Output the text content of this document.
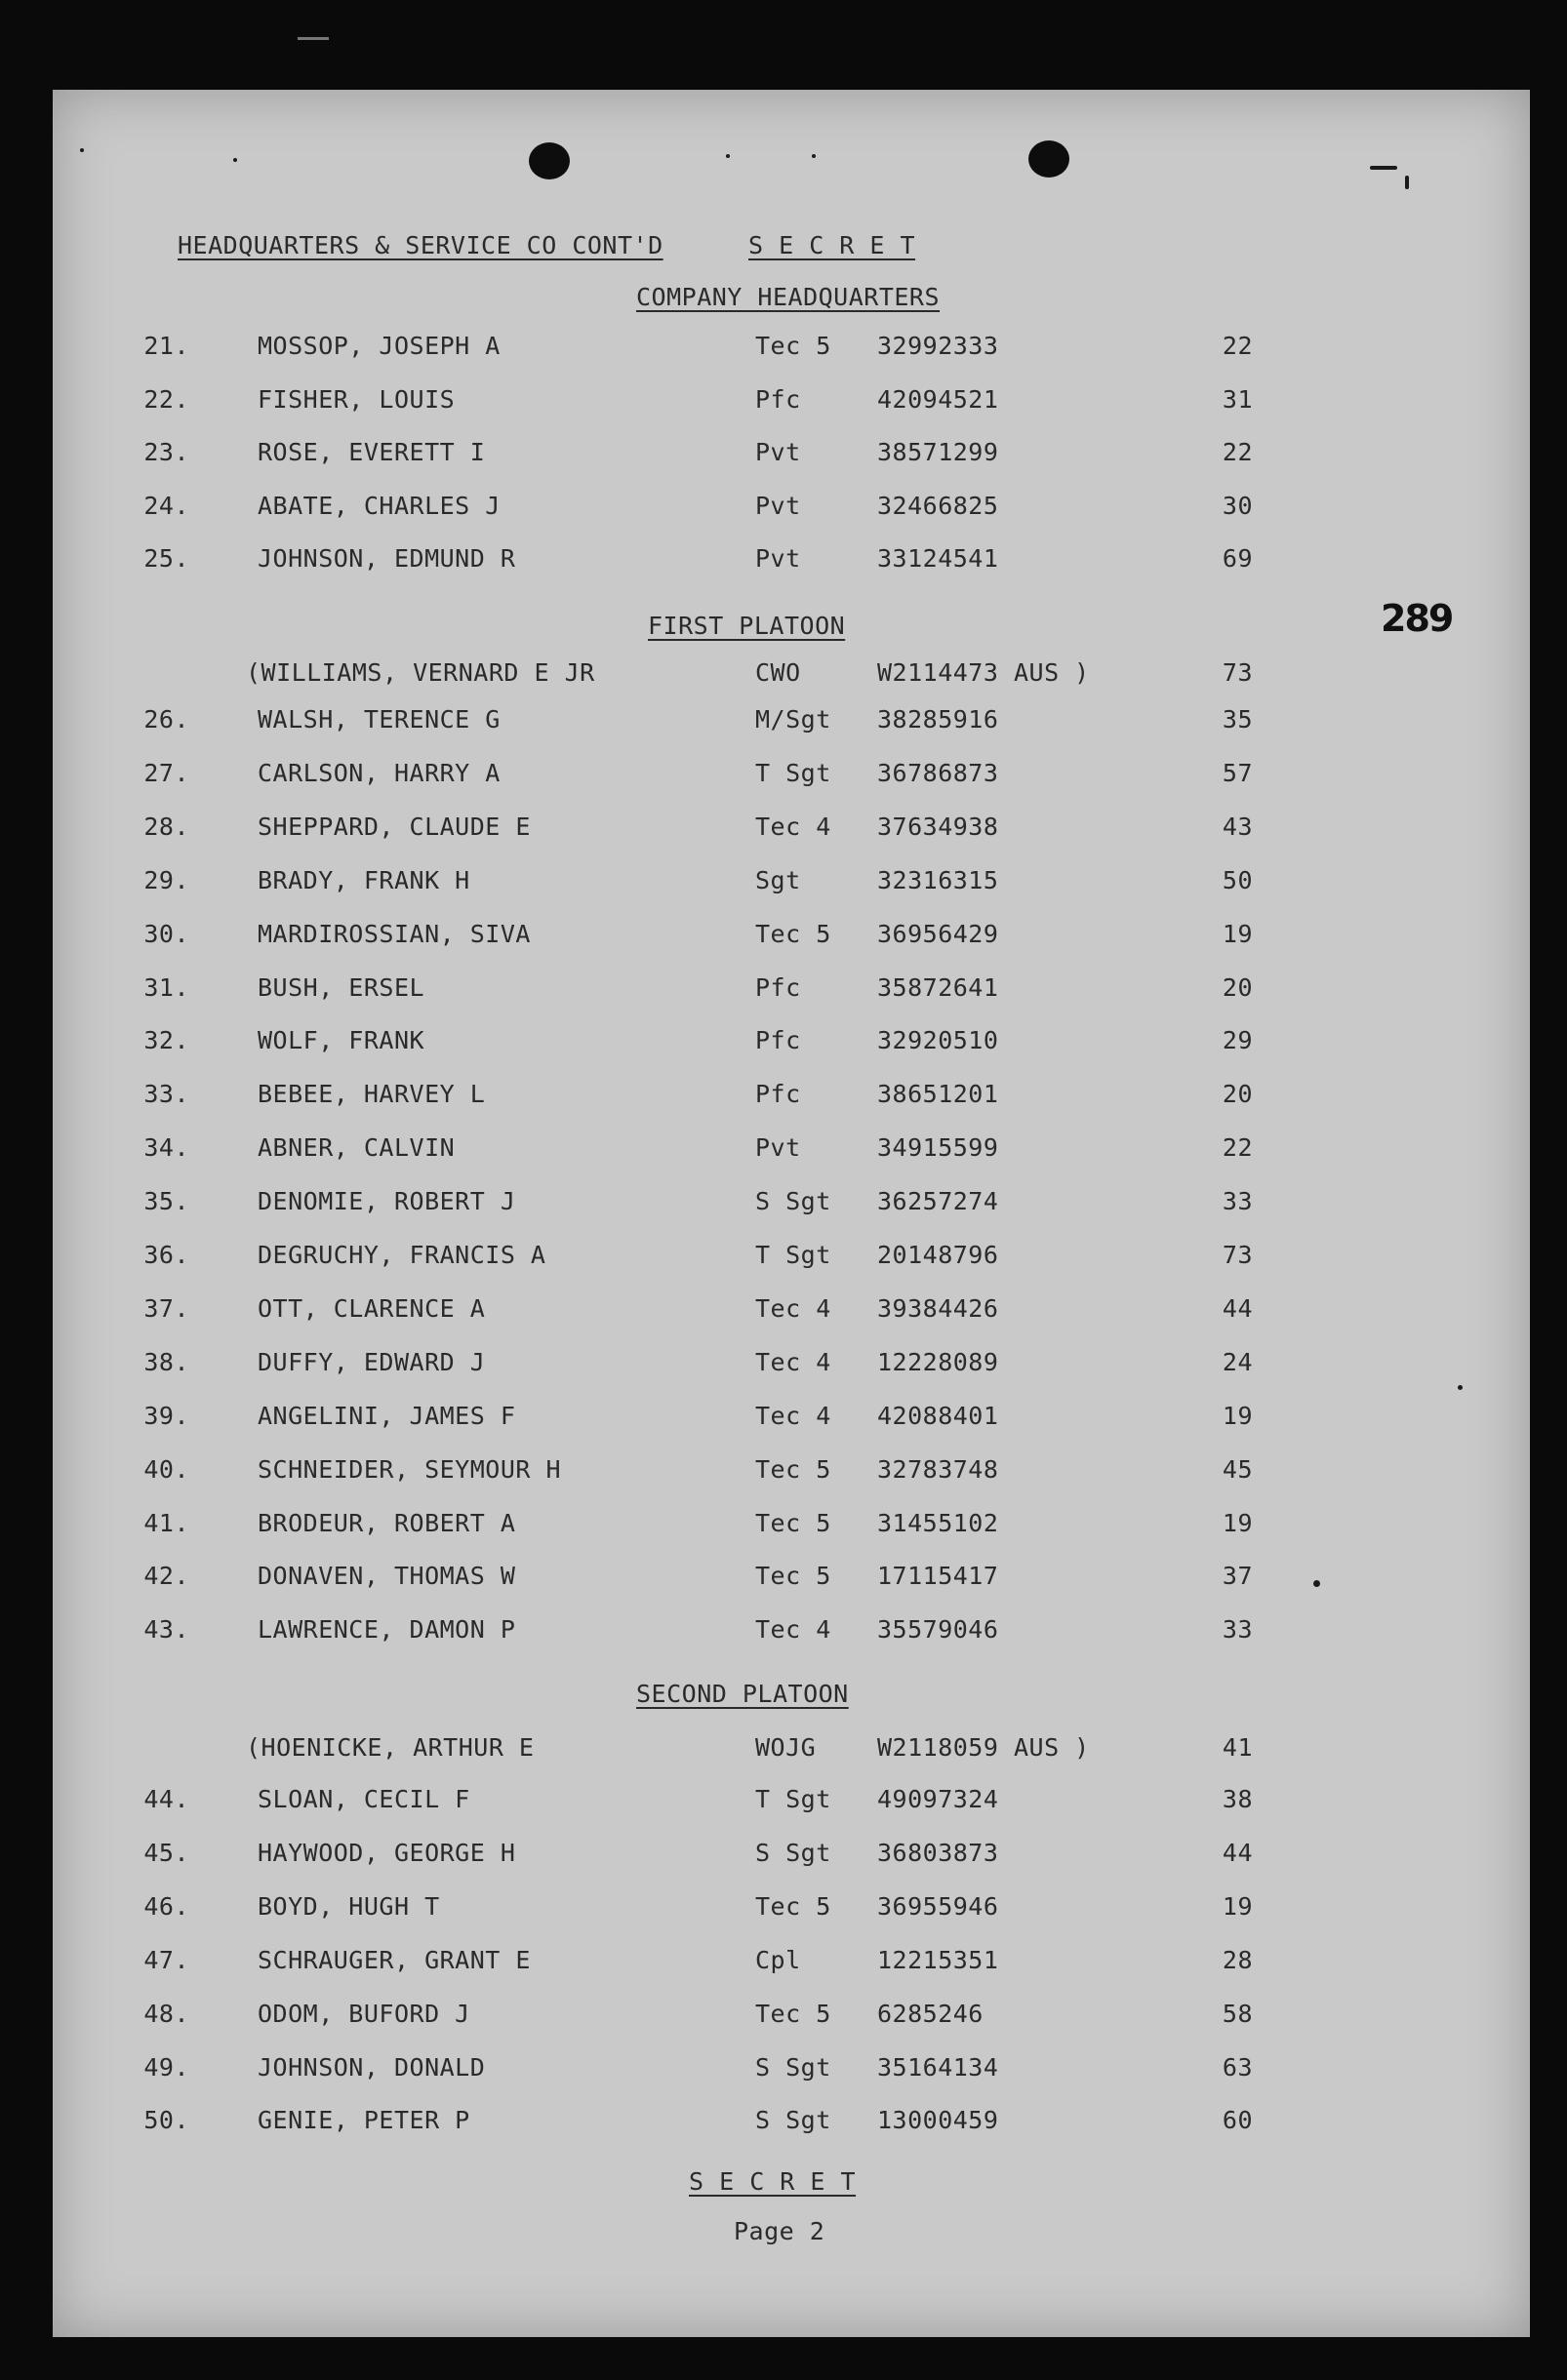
HEADQUARTERS & SERVICE CO CONT'D	S E C R E T
COMPANY HEADQUARTERS
21.	MOSSOP, JOSEPH A	Tec 5 32992333	22
22.	FISHER, LOUIS	Pfc	42094521	31
23.	ROSE, EVERETT I	Pvt	38571299	22
24.	ABATE, CHARLES J	Pvt	32466825	30
25.	JOHNSON, EDMUND R	Pvt	33124541	69
FIRST PLATOON
(WILLIAMS, VERNARD E JR	CWO	W2114473 AUS )	73
26.	WALSH, TERENCE G	M/Sgt 38285916	35
27.	CARLSON, HARRY A	T Sgt 36786873	57
28.	SHEPPARD, CLAUDE E	Tec 4 37634938	43
29.	BRADY, FRANK H	Sgt	32316315	50
30.	MARDIROSSIAN, SIVA	Tec 5 36956429	19
31.	BUSH, ERSEL	Pfc	35872641	20
32.	WOLF, FRANK	Pfc	32920510	29
33.	BEBEE, HARVEY L	Pfc	38651201	20
34.	ABNER, CALVIN	Pvt	34915599	22
35.	DENOMIE, ROBERT J	S Sgt 36257274	33
36.	DEGRUCHY, FRANCIS A	T Sgt 20148796	73
37.	OTT, CLARENCE A	Tec 4 39384426	44
38.	DUFFY, EDWARD J	Tec 4 12228089	24
39.	ANGELINI, JAMES F	Tec 4 42088401	19
40.	SCHNEIDER, SEYMOUR H	Tec 5 32783748	45
41.	BRODEUR, ROBERT A	Tec 5 31455102	19
42.	DONAVEN, THOMAS W	Tec 5 17115417	37
43.	LAWRENCE, DAMON P	Tec 4 35579046	33
SECOND PLATOON
(HOENICKE, ARTHUR E	WOJG	W2118059 AUS )	41
44.	SLOAN, CECIL F	T Sgt 49097324	38
45.	HAYWOOD, GEORGE H	S Sgt 36803873	44
46.	BOYD, HUGH T	Tec 5 36955946	19
47.	SCHRAUGER, GRANT E	Cpl	12215351	28
48.	ODOM, BUFORD J	Tec 5 6285246	58
49.	JOHNSON, DONALD	S Sgt 35164134	63
50.	GENIE, PETER P	S Sgt 13000459	60
S E C R E T
Page 2
289
